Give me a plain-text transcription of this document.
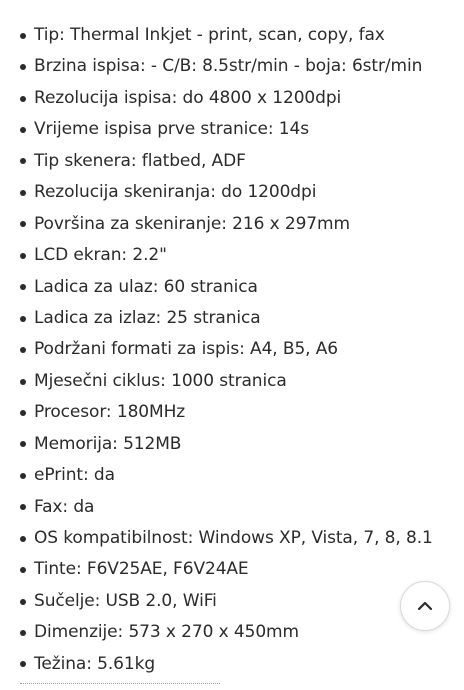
Tip: Thermal Inkjet - print, scan, copy, fax
Brzina ispisa: - C/B: 8.5str/min - boja: 6str/min
Rezolucija ispisa: do 4800 x 1200dpi
Vrijeme ispisa prve stranice: 14s
Tip skenera: flatbed, ADF
Rezolucija skeniranja: do 1200dpi
Površina za skeniranje: 216 x 297mm
LCD ekran: 2.2"
Ladica za ulaz: 60 stranica
Ladica za izlaz: 25 stranica
Podržani formati za ispis: A4, B5, A6
Mjesečni ciklus: 1000 stranica
Procesor: 180MHz
Memorija: 512MB
ePrint: da
Fax: da
OS kompatibilnost: Windows XP, Vista, 7, 8, 8.1
Tinte: F6V25AE, F6V24AE
Sučelje: USB 2.0, WiFi
Dimenzije: 573 x 270 x 450mm
Težina: 5.61kg
